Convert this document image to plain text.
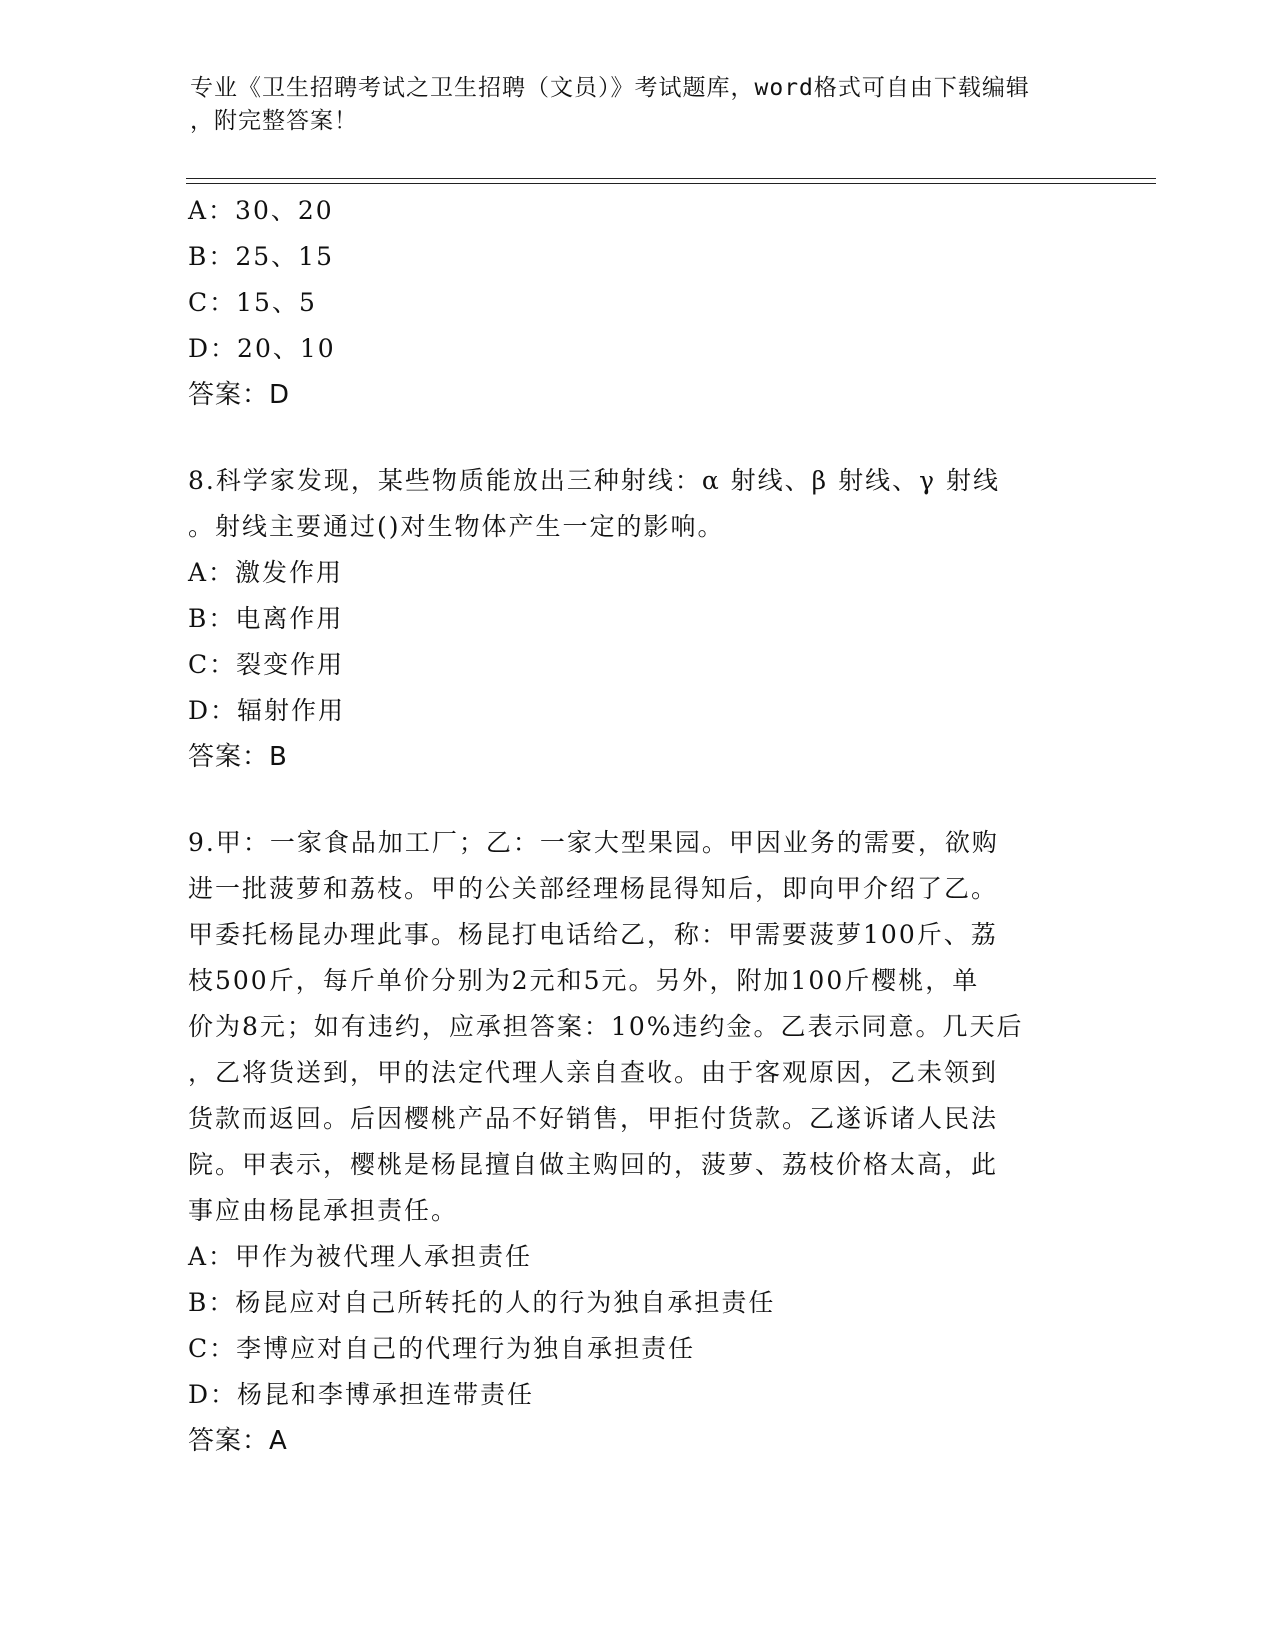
专业《卫生招聘考试之卫生招聘（文员）》考试题库，word格式可自由下载编辑
，附完整答案！
A：30、20
B：25、15
C：15、5
D：20、10
答案：D
8.科学家发现，某些物质能放出三种射线：α 射线、β 射线、γ 射线
。射线主要通过()对生物体产生一定的影响。
A：激发作用
B：电离作用
C：裂变作用
D：辐射作用
答案：B
9.甲：一家食品加工厂；乙：一家大型果园。甲因业务的需要，欲购
进一批菠萝和荔枝。甲的公关部经理杨昆得知后，即向甲介绍了乙。
甲委托杨昆办理此事。杨昆打电话给乙，称：甲需要菠萝100斤、荔
枝500斤，每斤单价分别为2元和5元。另外，附加100斤樱桃，单
价为8元；如有违约，应承担答案：10%违约金。乙表示同意。几天后
，乙将货送到，甲的法定代理人亲自查收。由于客观原因，乙未领到
货款而返回。后因樱桃产品不好销售，甲拒付货款。乙遂诉诸人民法
院。甲表示，樱桃是杨昆擅自做主购回的，菠萝、荔枝价格太高，此
事应由杨昆承担责任。
A：甲作为被代理人承担责任
B：杨昆应对自己所转托的人的行为独自承担责任
C：李博应对自己的代理行为独自承担责任
D：杨昆和李博承担连带责任
答案：A
